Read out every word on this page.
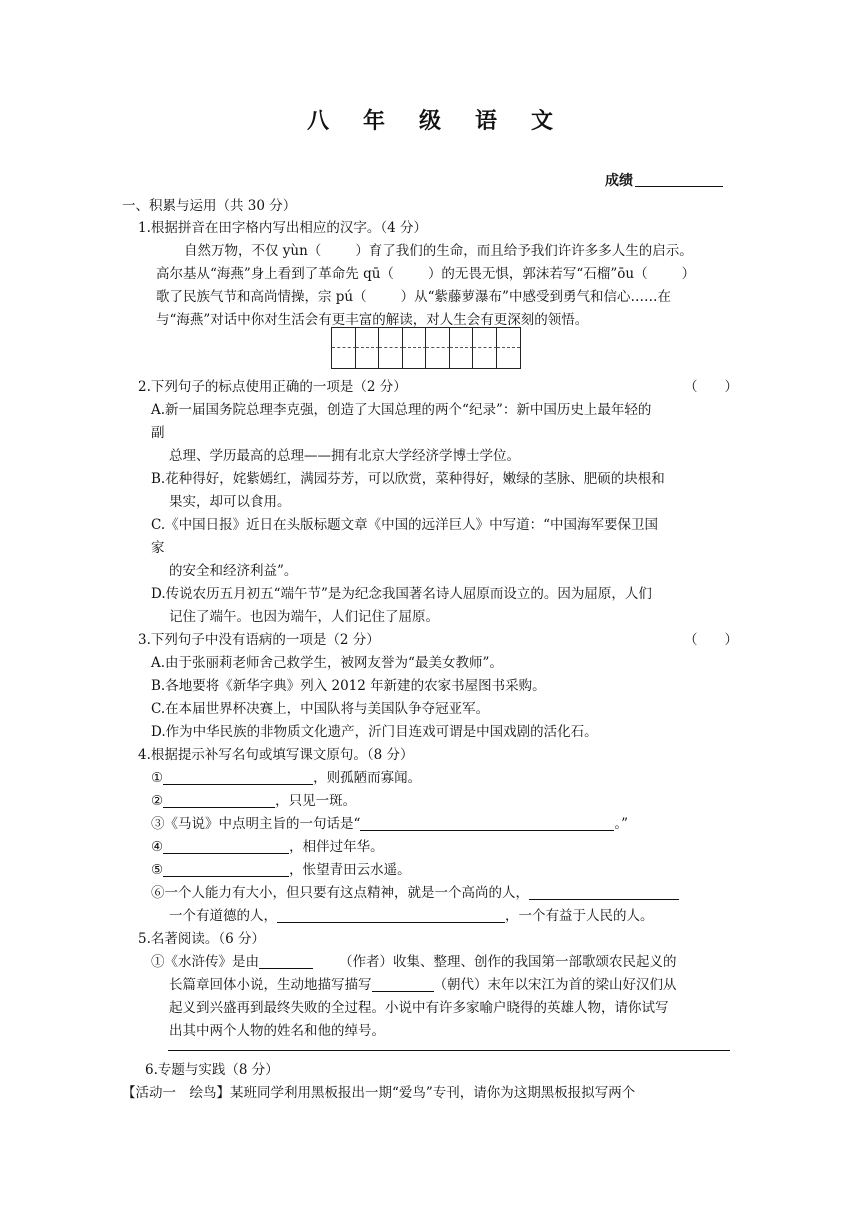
八年级语文
成绩
一、积累与运用（共 30 分）
1.根据拼音在田字格内写出相应的汉字。（4 分）
自然万物，不仅 yùn（	）育了我们的生命，而且给予我们许许多多人生的启示。
高尔基从“海燕”身上看到了革命先 qū（	）的无畏无惧，郭沫若写“石榴”ōu（	）
歌了民族气节和高尚情操，宗 pú（	）从“紫藤萝瀑布”中感受到勇气和信心……在
与“海燕”对话中你对生活会有更丰富的解读，对人生会有更深刻的领悟。
2.下列句子的标点使用正确的一项是（2 分）	（　　）
A.新一届国务院总理李克强，创造了大国总理的两个“纪录”：新中国历史上最年轻的
副
总理、学历最高的总理——拥有北京大学经济学博士学位。
B.花种得好，姹紫嫣红，满园芬芳，可以欣赏，菜种得好，嫩绿的茎脉、肥硕的块根和
果实，却可以食用。
C.《中国日报》近日在头版标题文章《中国的远洋巨人》中写道：“中国海军要保卫国
家
的安全和经济利益”。
D.传说农历五月初五“端午节”是为纪念我国著名诗人屈原而设立的。因为屈原，人们
记住了端午。也因为端午，人们记住了屈原。
3.下列句子中没有语病的一项是（2 分）	（　　）
A.由于张丽莉老师舍己救学生，被网友誉为“最美女教师”。
B.各地要将《新华字典》列入 2012 年新建的农家书屋图书采购。
C.在本届世界杯决赛上，中国队将与美国队争夺冠亚军。
D.作为中华民族的非物质文化遗产，沂门目连戏可谓是中国戏剧的活化石。
4.根据提示补写名句或填写课文原句。（8 分）
①	，则孤陋而寡闻。
②	，只见一斑。
③《马说》中点明主旨的一句话是“	。”
④	，相伴过年华。
⑤	，怅望青田云水遥。
⑥一个人能力有大小，但只要有这点精神，就是一个高尚的人，
一个有道德的人，	，一个有益于人民的人。
5.名著阅读。（6 分）
①《水浒传》是由	（作者）收集、整理、创作的我国第一部歌颂农民起义的
长篇章回体小说，生动地描写描写	（朝代）末年以宋江为首的梁山好汉们从
起义到兴盛再到最终失败的全过程。小说中有许多家喻户晓得的英雄人物，请你试写
出其中两个人物的姓名和他的绰号。
6.专题与实践（8 分）
【活动一　绘鸟】某班同学利用黑板报出一期“爱鸟”专刊，请你为这期黑板报拟写两个
